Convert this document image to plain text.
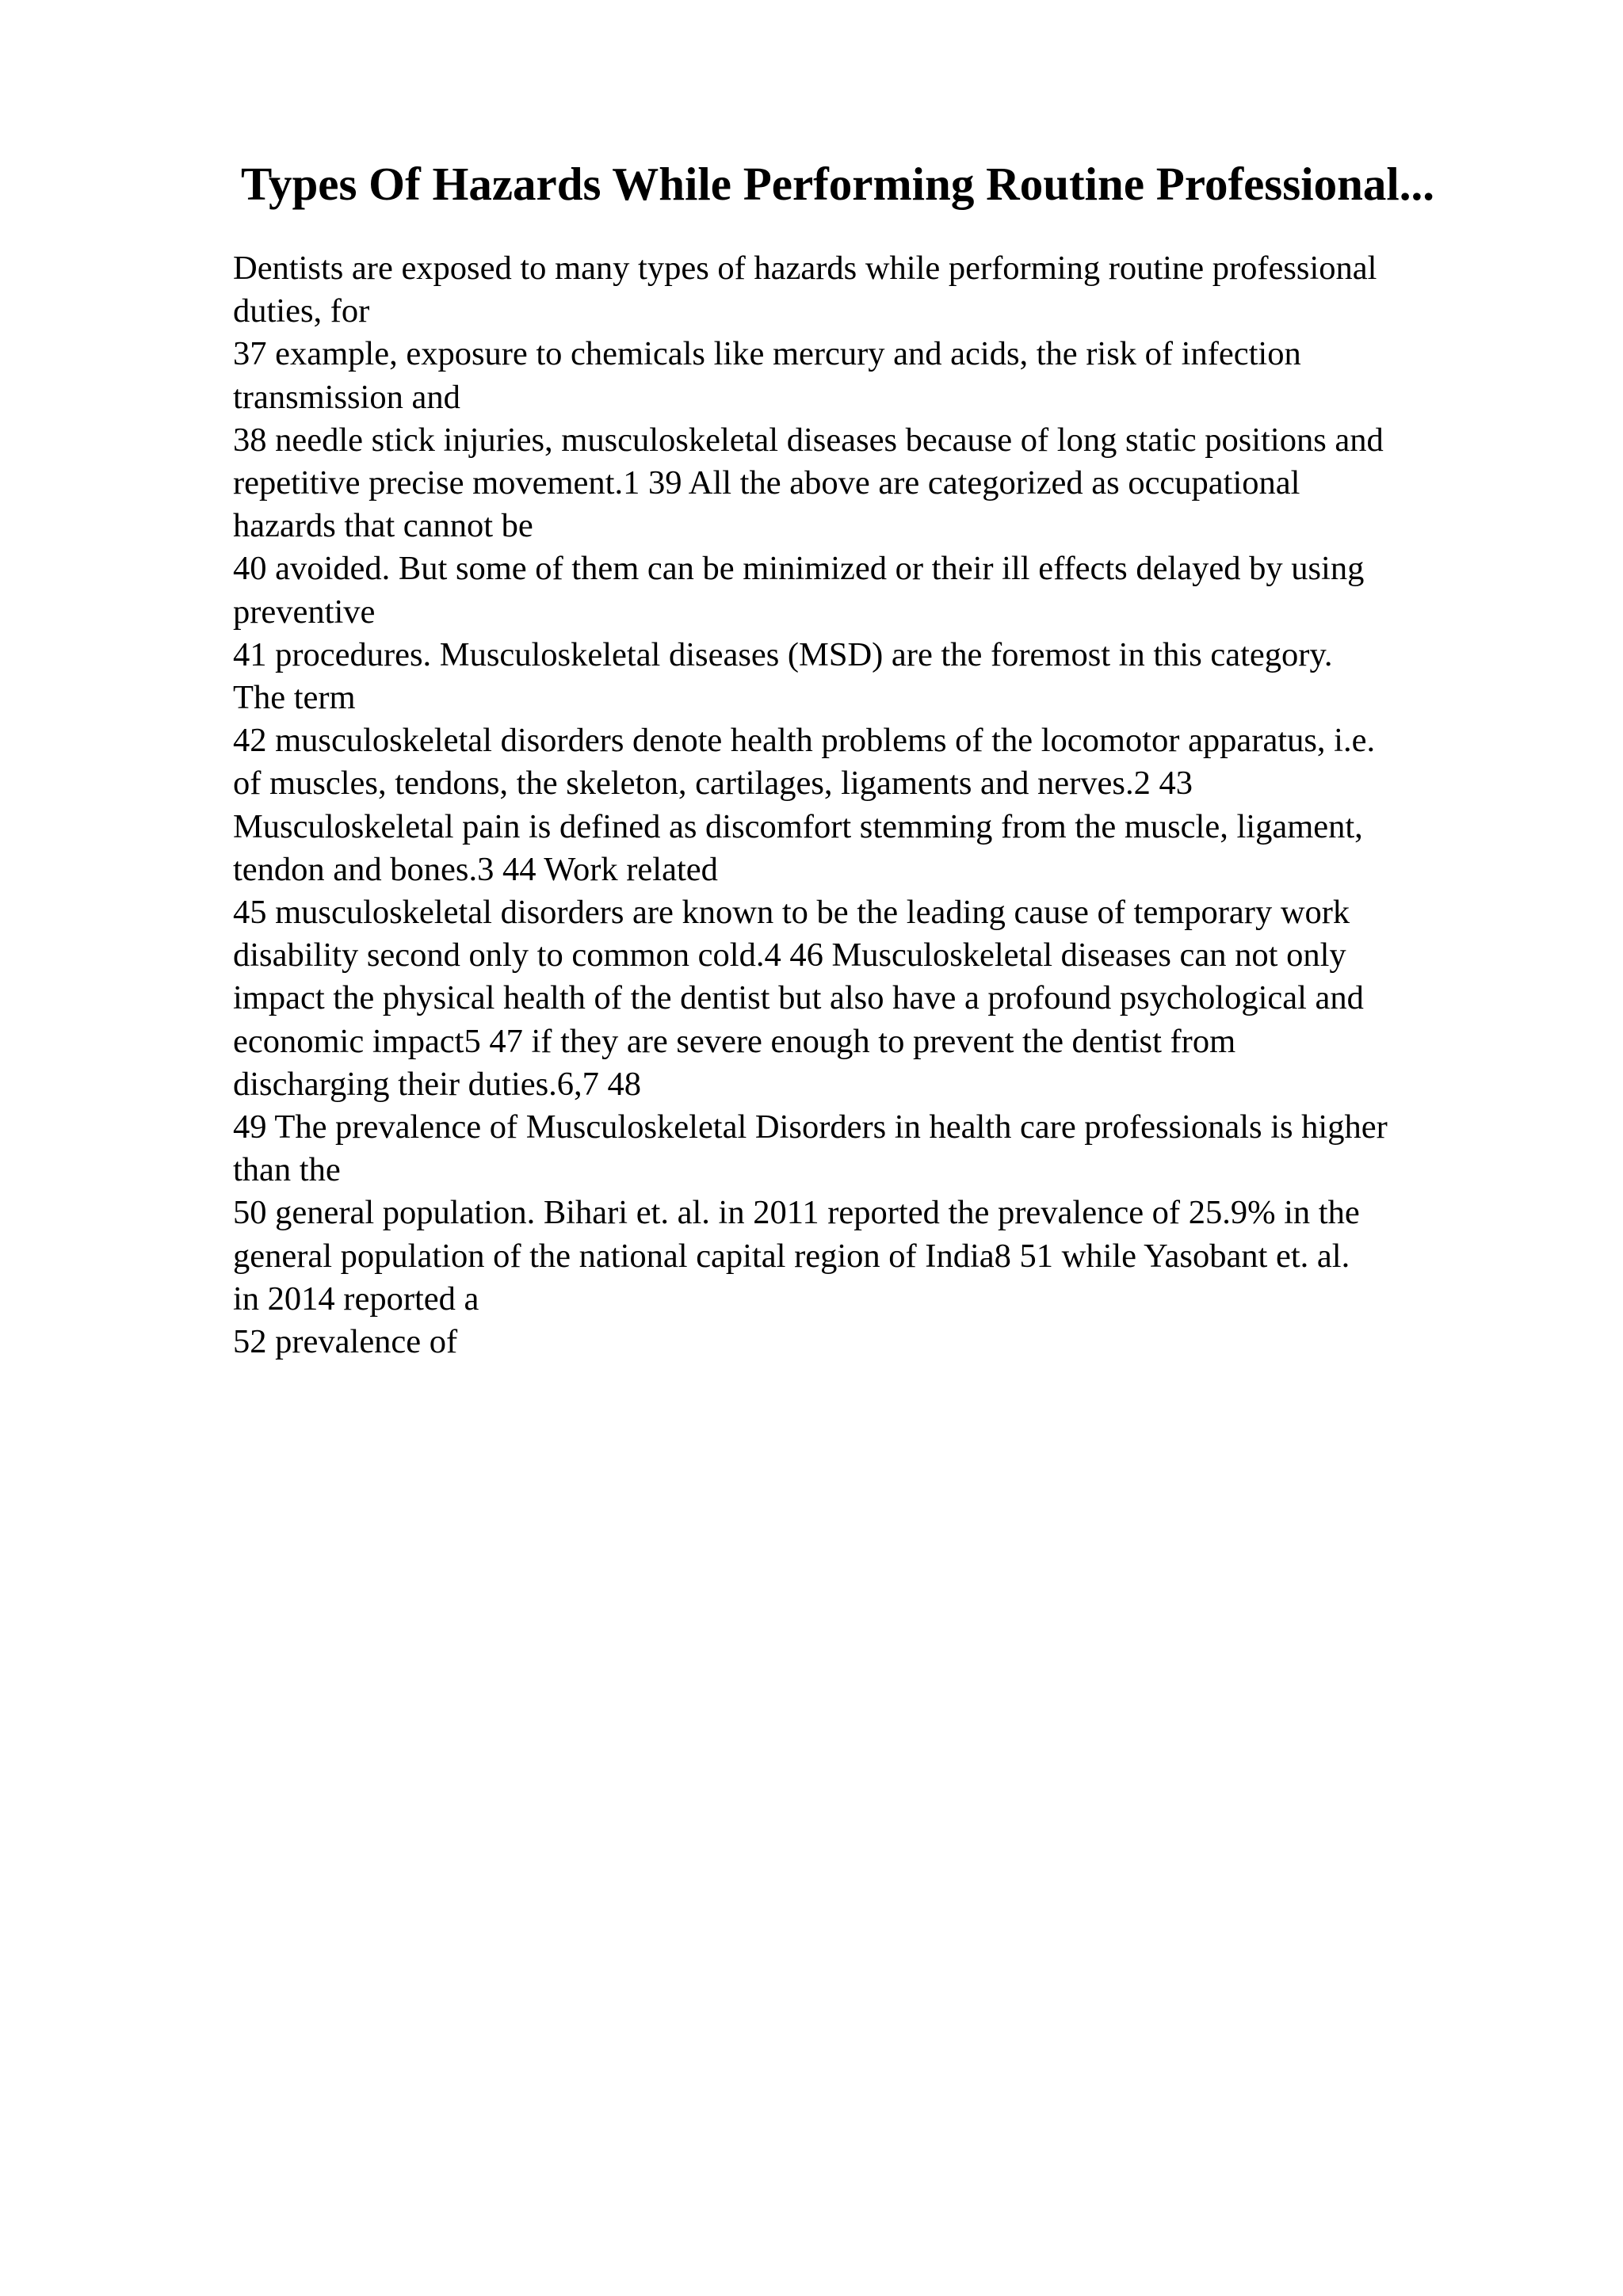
Types Of Hazards While Performing Routine Professional...
Dentists are exposed to many types of hazards while performing routine professional
duties, for
37 example, exposure to chemicals like mercury and acids, the risk of infection
transmission and
38 needle stick injuries, musculoskeletal diseases because of long static positions and
repetitive precise movement.1 39 All the above are categorized as occupational
hazards that cannot be
40 avoided. But some of them can be minimized or their ill effects delayed by using
preventive
41 procedures. Musculoskeletal diseases (MSD) are the foremost in this category.
The term
42 musculoskeletal disorders denote health problems of the locomotor apparatus, i.e.
of muscles, tendons, the skeleton, cartilages, ligaments and nerves.2 43
Musculoskeletal pain is defined as discomfort stemming from the muscle, ligament,
tendon and bones.3 44 Work related
45 musculoskeletal disorders are known to be the leading cause of temporary work
disability second only to common cold.4 46 Musculoskeletal diseases can not only
impact the physical health of the dentist but also have a profound psychological and
economic impact5 47 if they are severe enough to prevent the dentist from
discharging their duties.6,7 48
49 The prevalence of Musculoskeletal Disorders in health care professionals is higher
than the
50 general population. Bihari et. al. in 2011 reported the prevalence of 25.9% in the
general population of the national capital region of India8 51 while Yasobant et. al.
in 2014 reported a
52 prevalence of
